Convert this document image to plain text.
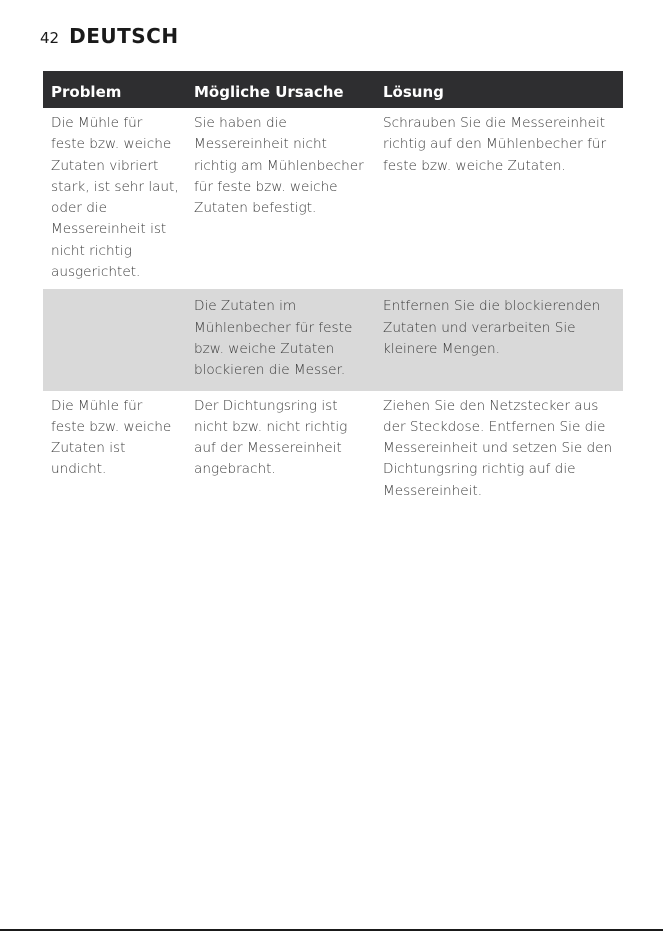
42 DEUTSCH
Problem	Mögliche Ursache	Lösung
Die Mühle für feste bzw. weiche Zutaten vibriert stark, ist sehr laut, oder die Messereinheit ist nicht richtig ausgerichtet.	Sie haben die Messereinheit nicht richtig am Mühlenbecher für feste bzw. weiche Zutaten befestigt.	Schrauben Sie die Messereinheit richtig auf den Mühlenbecher für feste bzw. weiche Zutaten.
	Die Zutaten im Mühlenbecher für feste bzw. weiche Zutaten blockieren die Messer.	Entfernen Sie die blockierenden Zutaten und verarbeiten Sie kleinere Mengen.
Die Mühle für feste bzw. weiche Zutaten ist undicht.	Der Dichtungsring ist nicht bzw. nicht richtig auf der Messereinheit angebracht.	Ziehen Sie den Netzstecker aus der Steckdose. Entfernen Sie die Messereinheit und setzen Sie den Dichtungsring richtig auf die Messereinheit.
